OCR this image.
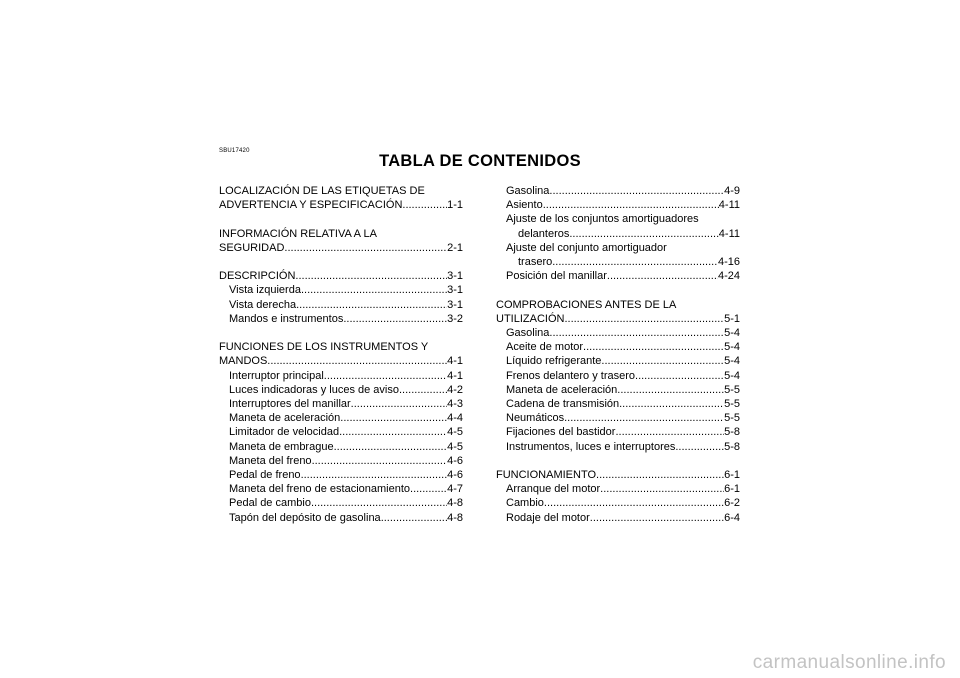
SBU17420
TABLA DE CONTENIDOS
LOCALIZACIÓN DE LAS ETIQUETAS DE
ADVERTENCIA Y ESPECIFICACIÓN .....	1-1
INFORMACIÓN RELATIVA A LA
SEGURIDAD .....	2-1
DESCRIPCIÓN .....	3-1
Vista izquierda .....	3-1
Vista derecha .....	3-1
Mandos e instrumentos .....	3-2
FUNCIONES DE LOS INSTRUMENTOS Y
MANDOS .....	4-1
Interruptor principal .....	4-1
Luces indicadoras y luces de aviso .....	4-2
Interruptores del manillar .....	4-3
Maneta de aceleración .....	4-4
Limitador de velocidad .....	4-5
Maneta de embrague .....	4-5
Maneta del freno .....	4-6
Pedal de freno .....	4-6
Maneta del freno de estacionamiento .....	4-7
Pedal de cambio .....	4-8
Tapón del depósito de gasolina .....	4-8
Gasolina .....	4-9
Asiento .....	4-11
Ajuste de los conjuntos amortiguadores
delanteros .....	4-11
Ajuste del conjunto amortiguador
trasero .....	4-16
Posición del manillar .....	4-24
COMPROBACIONES ANTES DE LA
UTILIZACIÓN .....	5-1
Gasolina .....	5-4
Aceite de motor .....	5-4
Líquido refrigerante .....	5-4
Frenos delantero y trasero .....	5-4
Maneta de aceleración .....	5-5
Cadena de transmisión .....	5-5
Neumáticos .....	5-5
Fijaciones del bastidor .....	5-8
Instrumentos, luces e interruptores .....	5-8
FUNCIONAMIENTO .....	6-1
Arranque del motor .....	6-1
Cambio .....	6-2
Rodaje del motor .....	6-4
carmanualsonline.info
